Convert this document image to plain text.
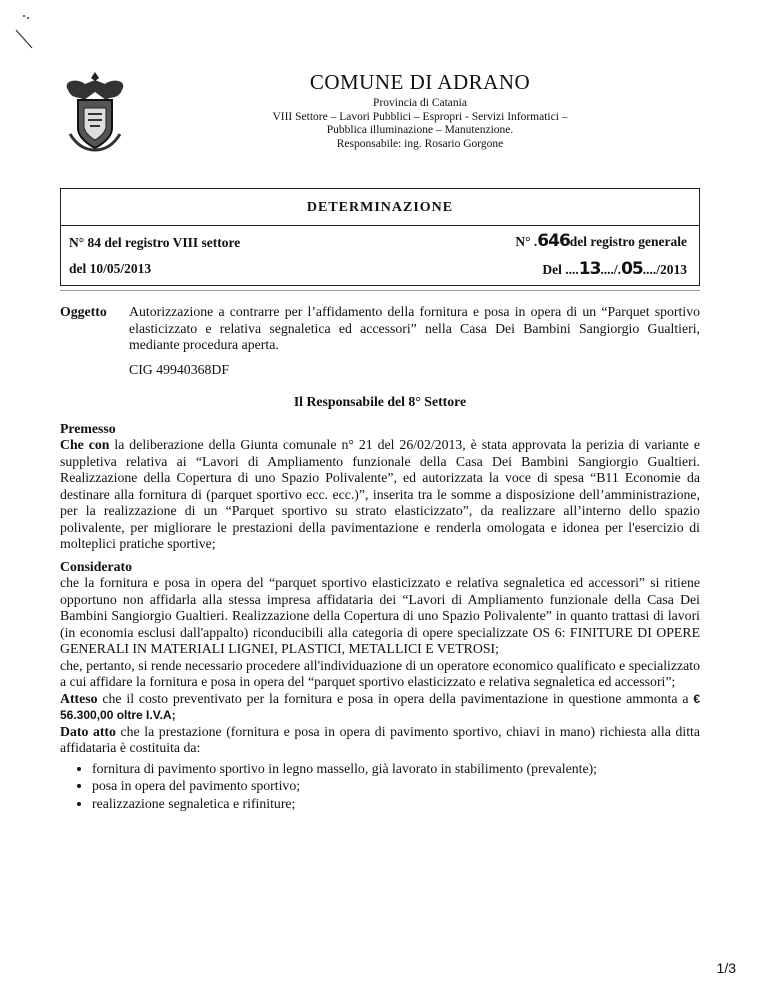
COMUNE DI ADRANO
Provincia di Catania
VIII Settore – Lavori Pubblici – Espropri - Servizi Informatici –
Pubblica illuminazione – Manutenzione.
Responsabile: ing. Rosario Gorgone
DETERMINAZIONE
N° 84 del registro VIII settore
del 10/05/2013
N° .646del registro generale
Del ....13..../.05..../2013
Oggetto	Autorizzazione a contrarre per l’affidamento della fornitura e posa in opera di un “Parquet sportivo elasticizzato e relativa segnaletica ed accessori” nella Casa Dei Bambini Sangiorgio Gualtieri, mediante procedura aperta.
CIG 49940368DF
Il Responsabile del 8° Settore
Premesso

Che con la deliberazione della Giunta comunale n° 21 del 26/02/2013, è stata approvata la perizia di variante e suppletiva relativa ai “Lavori di Ampliamento funzionale della Casa Dei Bambini Sangiorgio Gualtieri. Realizzazione della Copertura di uno Spazio Polivalente”, ed autorizzata la voce di spesa “B11 Economie da destinare alla fornitura di (parquet sportivo ecc. ecc.)”, inserita tra le somme a disposizione dell’amministrazione, per la realizzazione di un “Parquet sportivo su strato elasticizzato”, da realizzare all’interno dello spazio polivalente, per migliorare le prestazioni della pavimentazione e renderla omologata e idonea per l'esercizio di molteplici pratiche sportive;

Considerato

che la fornitura e posa in opera del “parquet sportivo elasticizzato e relativa segnaletica ed accessori” si ritiene opportuno non affidarla alla stessa impresa affidataria dei “Lavori di Ampliamento funzionale della Casa Dei Bambini Sangiorgio Gualtieri. Realizzazione della Copertura di uno Spazio Polivalente” in quanto trattasi di lavori (in economia esclusi dall'appalto) riconducibili alla categoria di opere specializzate OS 6: FINITURE DI OPERE GENERALI IN MATERIALI LIGNEI, PLASTICI, METALLICI E VETROSI;

che, pertanto, si rende necessario procedere all'individuazione di un operatore economico qualificato e specializzato a cui affidare la fornitura e posa in opera del “parquet sportivo elasticizzato e relativa segnaletica ed accessori”;

Atteso che il costo preventivato per la fornitura e posa in opera della pavimentazione in questione ammonta a € 56.300,00 oltre I.V.A;

Dato atto che la prestazione (fornitura e posa in opera di pavimento sportivo, chiavi in mano) richiesta alla ditta affidataria è costituita da:

• fornitura di pavimento sportivo in legno massello, già lavorato in stabilimento (prevalente);
• posa in opera del pavimento sportivo;
• realizzazione segnaletica e rifiniture;
1/3
